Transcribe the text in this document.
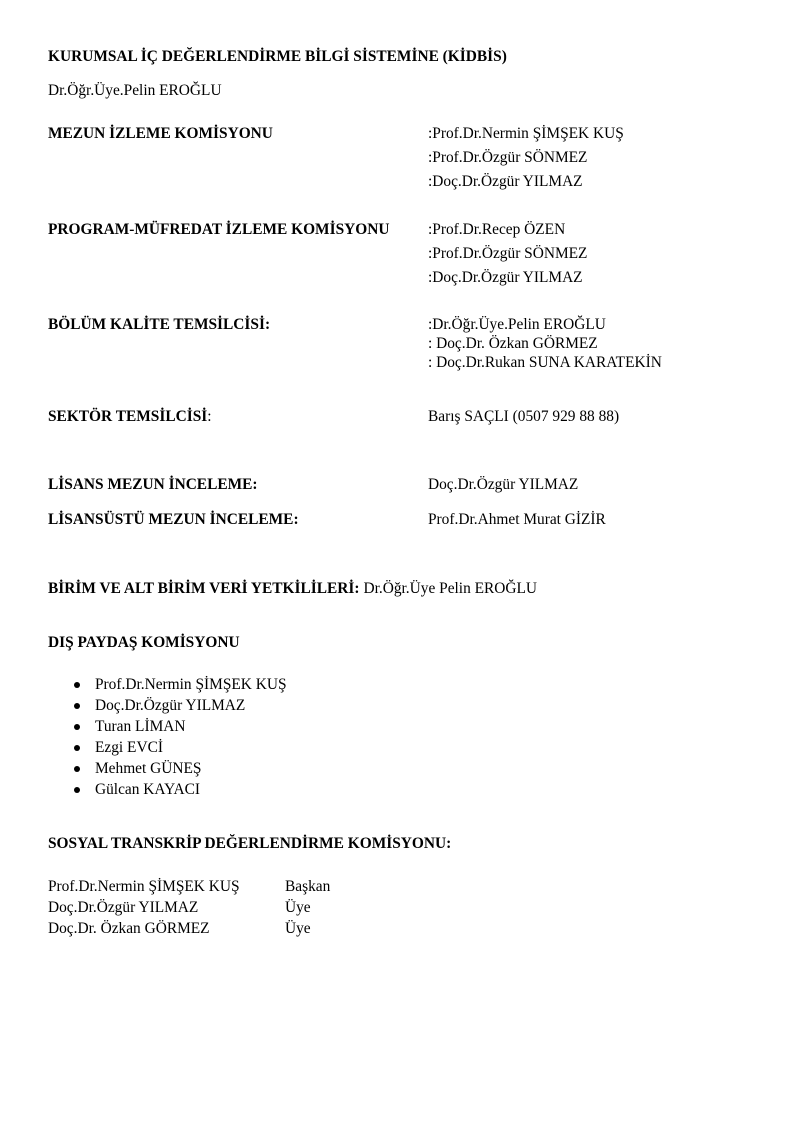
KURUMSAL İÇ DEĞERLENDİRME BİLGİ SİSTEMİNE (KİDBİS)
Dr.Öğr.Üye.Pelin EROĞLU
MEZUN İZLEME KOMİSYONU	:Prof.Dr.Nermin ŞİMŞEK KUŞ
:Prof.Dr.Özgür SÖNMEZ
:Doç.Dr.Özgür YILMAZ
PROGRAM-MÜFREDAT İZLEME KOMİSYONU	:Prof.Dr.Recep ÖZEN
:Prof.Dr.Özgür SÖNMEZ
:Doç.Dr.Özgür YILMAZ
BÖLÜM KALİTE TEMSİLCİSİ:	:Dr.Öğr.Üye.Pelin EROĞLU
: Doç.Dr. Özkan GÖRMEZ
: Doç.Dr.Rukan SUNA KARATEKİN
SEKTÖR TEMSİLCİSİ:	Barış SAÇLI (0507 929 88 88)
LİSANS MEZUN İNCELEME:	Doç.Dr.Özgür YILMAZ
LİSANSÜSTÜ MEZUN İNCELEME:	Prof.Dr.Ahmet Murat GİZİR
BİRİM VE ALT BİRİM VERİ YETKİLİLERİ: Dr.Öğr.Üye Pelin EROĞLU
DIŞ PAYDAŞ KOMİSYONU
Prof.Dr.Nermin ŞİMŞEK KUŞ
Doç.Dr.Özgür YILMAZ
Turan LİMAN
Ezgi EVCİ
Mehmet GÜNEŞ
Gülcan KAYACI
SOSYAL TRANSKRİP DEĞERLENDİRME KOMİSYONU:
Prof.Dr.Nermin ŞİMŞEK KUŞ	Başkan
Doç.Dr.Özgür YILMAZ	Üye
Doç.Dr. Özkan GÖRMEZ	Üye
